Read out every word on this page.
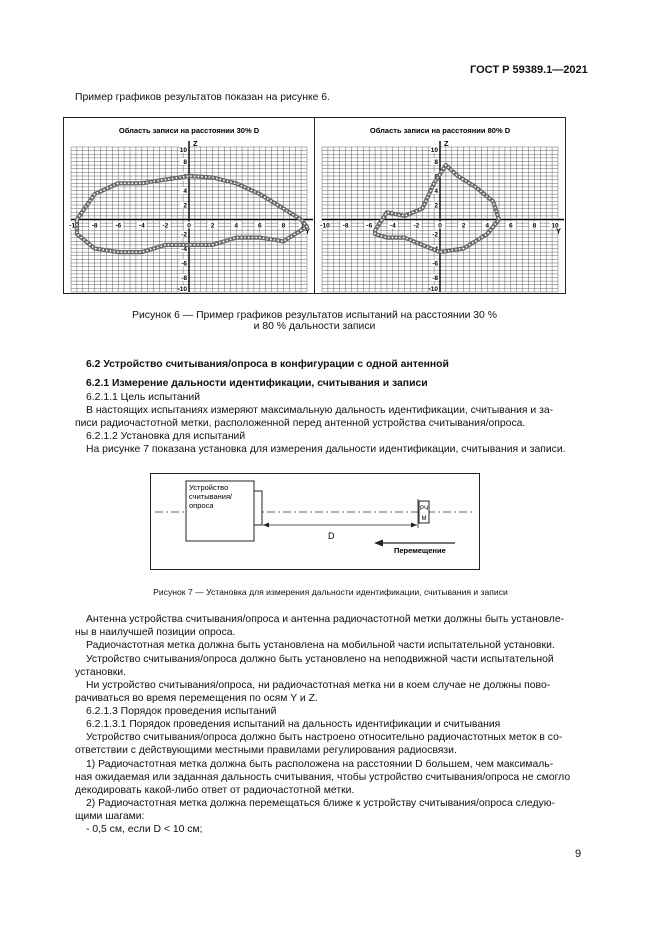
ГОСТ Р 59389.1—2021
Пример графиков результатов показан на рисунке 6.
Область записи на расстоянии 30% D
-10 -8	-6	-4	-2	0	2	4	6	8 10
10
8
6
4
2
-2
-4
-6
-8
-10
Z
Y
Область записи на расстоянии 80% D
-10 -8	-6	-4	-2	0	2	4	6	8 10
10
8
6
4
2
-2
-4
-6
-8
-10
Z
Y
Рисунок 6 — Пример графиков результатов испытаний на расстоянии 30 %
и 80 % дальности записи
6.2 Устройство считывания/опроса в конфигурации с одной антенной
6.2.1 Измерение дальности идентификации, считывания и записи
6.2.1.1 Цель испытаний
В настоящих испытаниях измеряют максимальную дальность идентификации, считывания и за-
писи радиочастотной метки, расположенной перед антенной устройства считывания/опроса.
6.2.1.2 Установка для испытаний
На рисунке 7 показана установка для измерения дальности идентификации, считывания и записи.
Устройство
считывания/
опроса	РЧ
М
D
Перемещение
Рисунок 7 — Установка для измерения дальности идентификации, считывания и записи
Антенна устройства считывания/опроса и антенна радиочастотной метки должны быть установле-
ны в наилучшей позиции опроса.
Радиочастотная метка должна быть установлена на мобильной части испытательной установки.
Устройство считывания/опроса должно быть установлено на неподвижной части испытательной
установки.
Ни устройство считывания/опроса, ни радиочастотная метка ни в коем случае не должны пово-
рачиваться во время перемещения по осям Y и Z.
6.2.1.3 Порядок проведения испытаний
6.2.1.3.1 Порядок проведения испытаний на дальность идентификации и считывания
Устройство считывания/опроса должно быть настроено относительно радиочастотных меток в со-
ответствии с действующими местными правилами регулирования радиосвязи.
1) Радиочастотная метка должна быть расположена на расстоянии D большем, чем максималь-
ная ожидаемая или заданная дальность считывания, чтобы устройство считывания/опроса не смогло
декодировать какой-либо ответ от радиочастотной метки.
2) Радиочастотная метка должна перемещаться ближе к устройству считывания/опроса следую-
щими шагами:
- 0,5 см, если D < 10 см;
9
